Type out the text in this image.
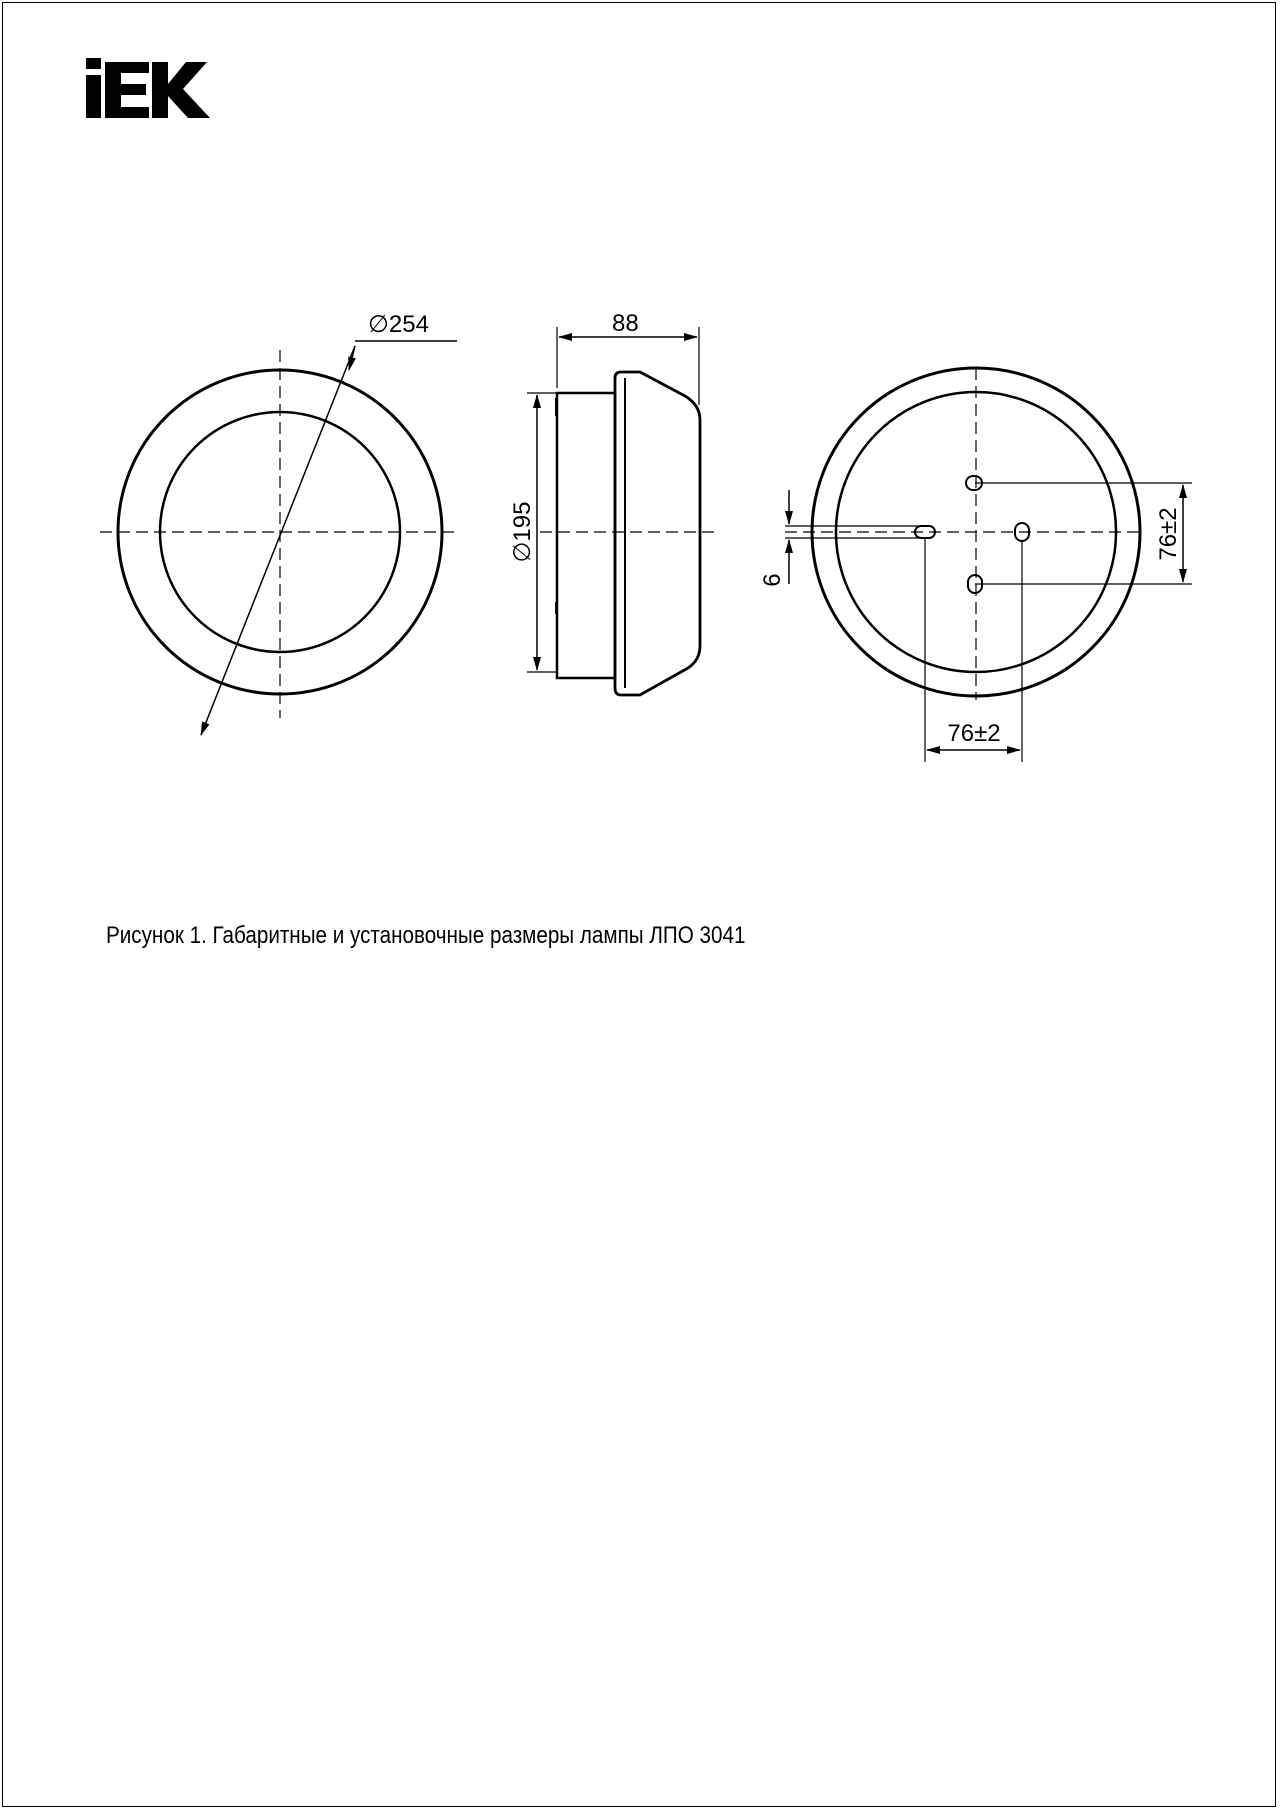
∅254	88
∅195
6
76±2
76±2
Рисунок 1. Габаритные и установочные размеры лампы ЛПО 3041
